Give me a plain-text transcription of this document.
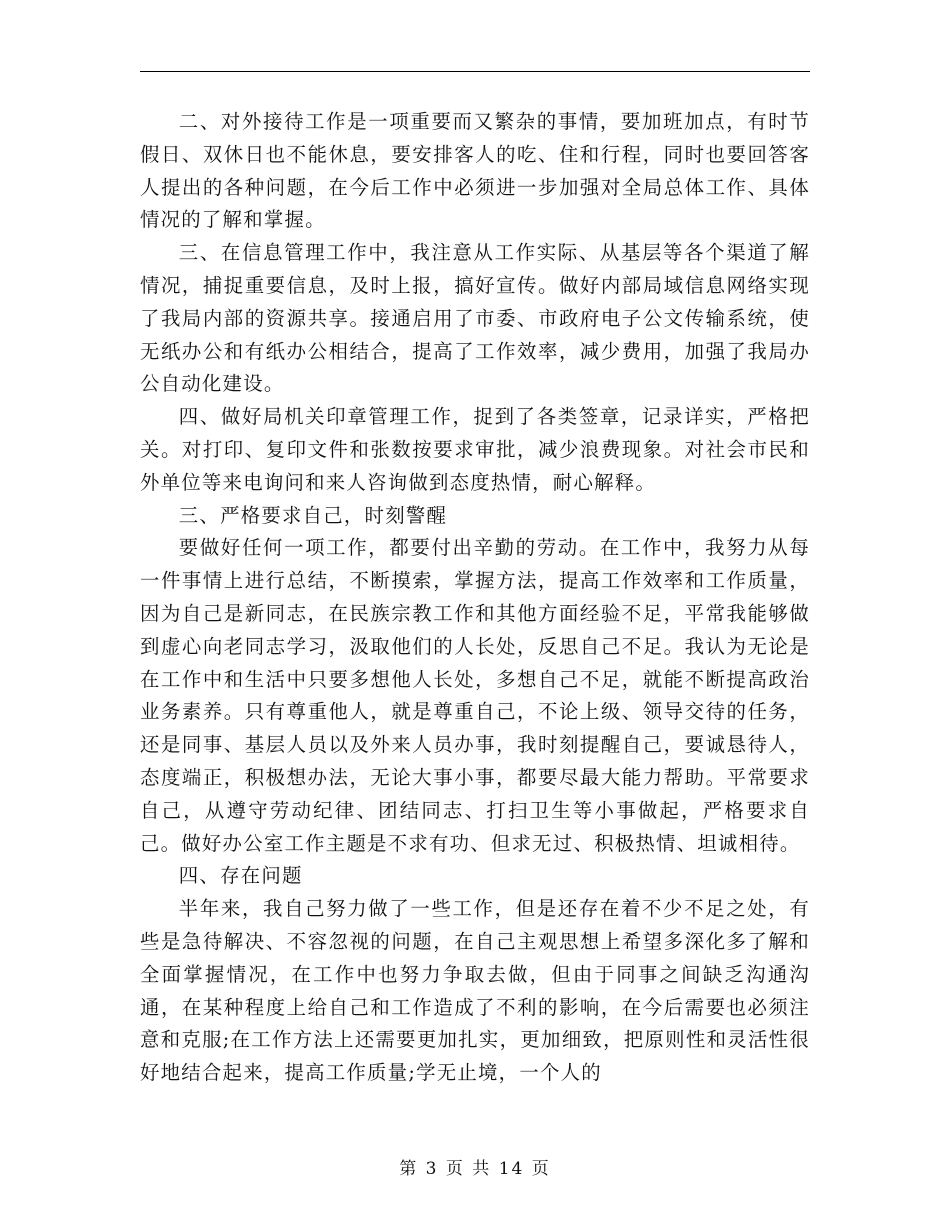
二、对外接待工作是一项重要而又繁杂的事情，要加班加点，有时节假日、双休日也不能休息，要安排客人的吃、住和行程，同时也要回答客人提出的各种问题，在今后工作中必须进一步加强对全局总体工作、具体情况的了解和掌握。

三、在信息管理工作中，我注意从工作实际、从基层等各个渠道了解情况，捕捉重要信息，及时上报，搞好宣传。做好内部局域信息网络实现了我局内部的资源共享。接通启用了市委、市政府电子公文传输系统，使无纸办公和有纸办公相结合，提高了工作效率，减少费用，加强了我局办公自动化建设。

四、做好局机关印章管理工作，捉到了各类签章，记录详实，严格把关。对打印、复印文件和张数按要求审批，减少浪费现象。对社会市民和外单位等来电询问和来人咨询做到态度热情，耐心解释。

三、严格要求自己，时刻警醒

要做好任何一项工作，都要付出辛勤的劳动。在工作中，我努力从每一件事情上进行总结，不断摸索，掌握方法，提高工作效率和工作质量，因为自己是新同志，在民族宗教工作和其他方面经验不足，平常我能够做到虚心向老同志学习，汲取他们的人长处，反思自己不足。我认为无论是在工作中和生活中只要多想他人长处，多想自己不足，就能不断提高政治业务素养。只有尊重他人，就是尊重自己，不论上级、领导交待的任务，还是同事、基层人员以及外来人员办事，我时刻提醒自己，要诚恳待人，态度端正，积极想办法，无论大事小事，都要尽最大能力帮助。平常要求自己，从遵守劳动纪律、团结同志、打扫卫生等小事做起，严格要求自己。做好办公室工作主题是不求有功、但求无过、积极热情、坦诚相待。

四、存在问题

半年来，我自己努力做了一些工作，但是还存在着不少不足之处，有些是急待解决、不容忽视的问题，在自己主观思想上希望多深化多了解和全面掌握情况，在工作中也努力争取去做，但由于同事之间缺乏沟通沟通，在某种程度上给自己和工作造成了不利的影响，在今后需要也必须注意和克服;在工作方法上还需要更加扎实，更加细致，把原则性和灵活性很好地结合起来，提高工作质量;学无止境，一个人的

第 3 页 共 14 页
